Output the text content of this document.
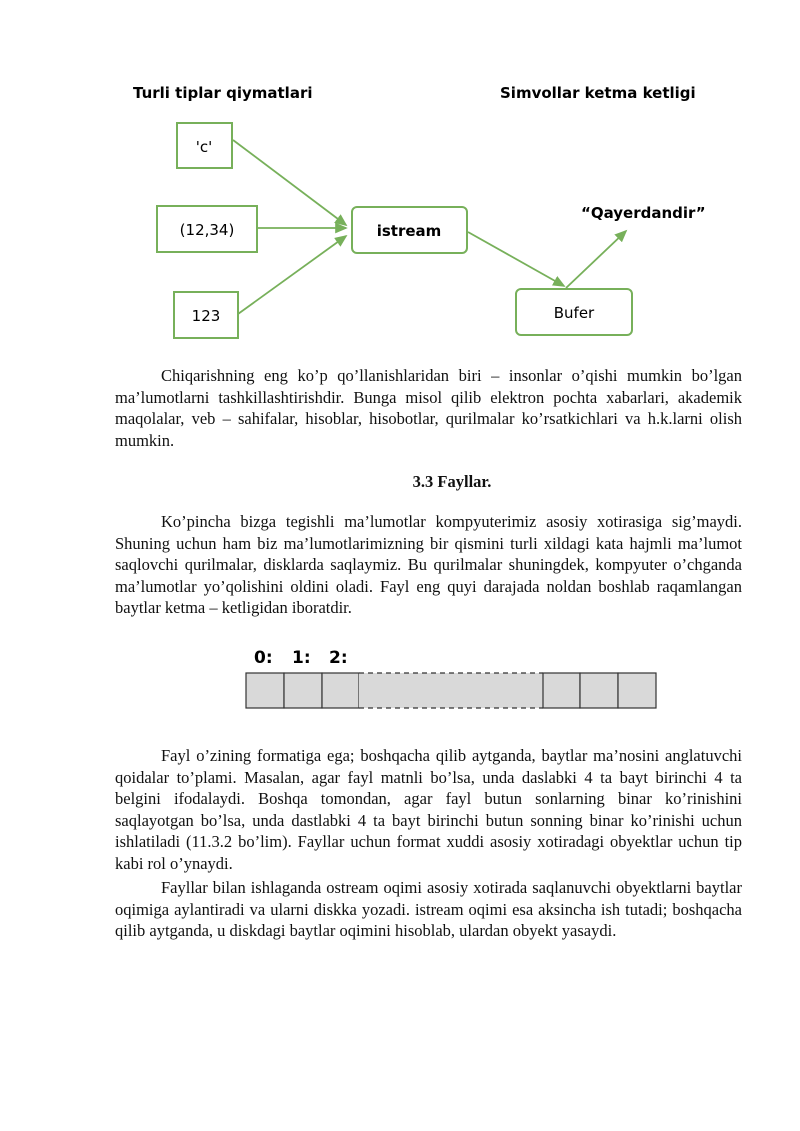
Turli tiplar qiymatlari	Simvollar ketma ketligi
'c'
(12,34)
123
istream
Bufer
“Qayerdandir”
0: 1: 2:

Chiqarishning eng ko’p qo’llanishlaridan biri – insonlar o’qishi mumkin bo’lgan ma’lumotlarni tashkillashtirishdir. Bunga misol qilib elektron pochta xabarlari, akademik maqolalar, veb – sahifalar, hisoblar, hisobotlar, qurilmalar ko’rsatkichlari va h.k.larni olish mumkin.

3.3 Fayllar.

Ko’pincha bizga tegishli ma’lumotlar kompyuterimiz asosiy xotirasiga sig’maydi. Shuning uchun ham biz ma’lumotlarimizning bir qismini turli xildagi kata hajmli ma’lumot saqlovchi qurilmalar, disklarda saqlaymiz. Bu qurilmalar shuningdek, kompyuter o’chganda ma’lumotlar yo’qolishini oldini oladi. Fayl eng quyi darajada noldan boshlab raqamlangan baytlar ketma – ketligidan iboratdir.

Fayl o’zining formatiga ega; boshqacha qilib aytganda, baytlar ma’nosini anglatuvchi qoidalar to’plami. Masalan, agar fayl matnli bo’lsa, unda daslabki 4 ta bayt birinchi 4 ta belgini ifodalaydi. Boshqa tomondan, agar fayl butun sonlarning binar ko’rinishini saqlayotgan bo’lsa, unda dastlabki 4 ta bayt birinchi butun sonning binar ko’rinishi uchun ishlatiladi (11.3.2 bo’lim). Fayllar uchun format xuddi asosiy xotiradagi obyektlar uchun tip kabi rol o’ynaydi.

Fayllar bilan ishlaganda ostream oqimi asosiy xotirada saqlanuvchi obyektlarni baytlar oqimiga aylantiradi va ularni diskka yozadi. istream oqimi esa aksincha ish tutadi; boshqacha qilib aytganda, u diskdagi baytlar oqimini hisoblab, ulardan obyekt yasaydi.
